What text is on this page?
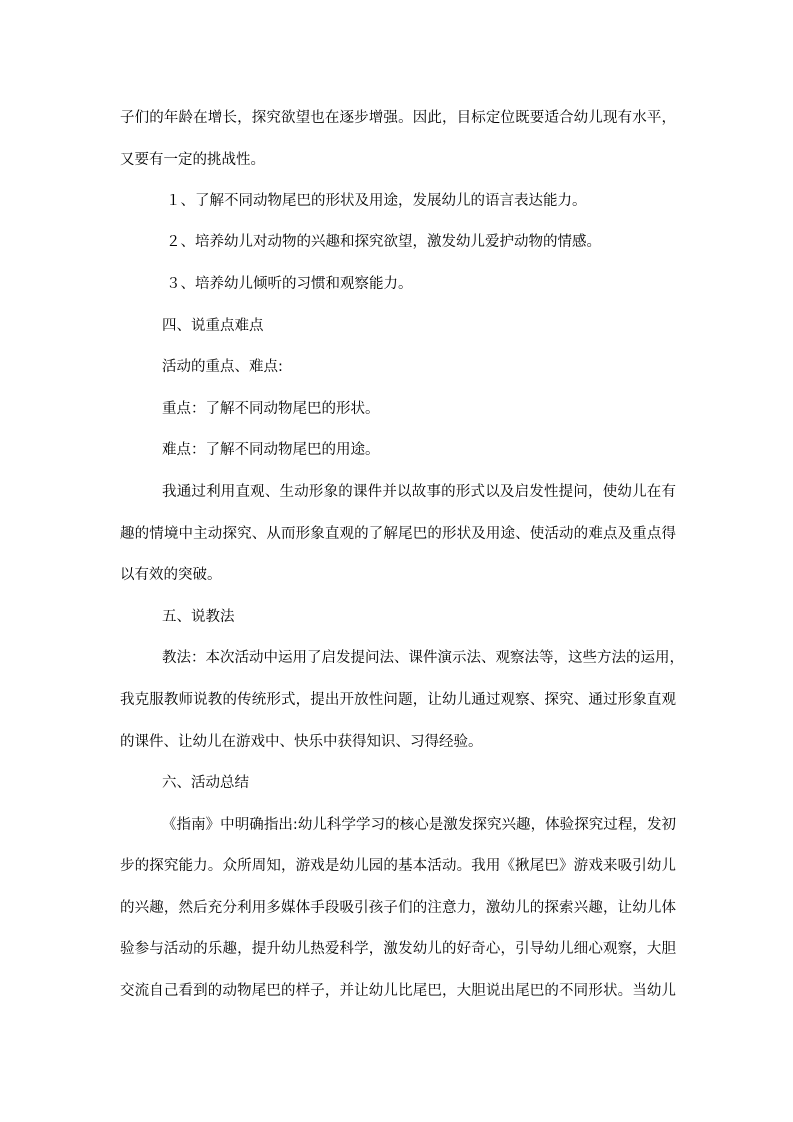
子们的年龄在增长，探究欲望也在逐步增强。因此，目标定位既要适合幼儿现有水平，
又要有一定的挑战性。
１、了解不同动物尾巴的形状及用途，发展幼儿的语言表达能力。
２、培养幼儿对动物的兴趣和探究欲望，激发幼儿爱护动物的情感。
３、培养幼儿倾听的习惯和观察能力。
四、说重点难点
活动的重点、难点:
重点：了解不同动物尾巴的形状。
难点：了解不同动物尾巴的用途。
我通过利用直观、生动形象的课件并以故事的形式以及启发性提问，使幼儿在有
趣的情境中主动探究、从而形象直观的了解尾巴的形状及用途、使活动的难点及重点得
以有效的突破。
五、说教法
教法：本次活动中运用了启发提问法、课件演示法、观察法等，这些方法的运用，
我克服教师说教的传统形式，提出开放性问题，让幼儿通过观察、探究、通过形象直观
的课件、让幼儿在游戏中、快乐中获得知识、习得经验。
六、活动总结
《指南》中明确指出:幼儿科学学习的核心是激发探究兴趣，体验探究过程，发初
步的探究能力。众所周知，游戏是幼儿园的基本活动。我用《揪尾巴》游戏来吸引幼儿
的兴趣，然后充分利用多媒体手段吸引孩子们的注意力，激幼儿的探索兴趣，让幼儿体
验参与活动的乐趣，提升幼儿热爱科学，激发幼儿的好奇心，引导幼儿细心观察，大胆
交流自己看到的动物尾巴的样子，并让幼儿比尾巴，大胆说出尾巴的不同形状。当幼儿
